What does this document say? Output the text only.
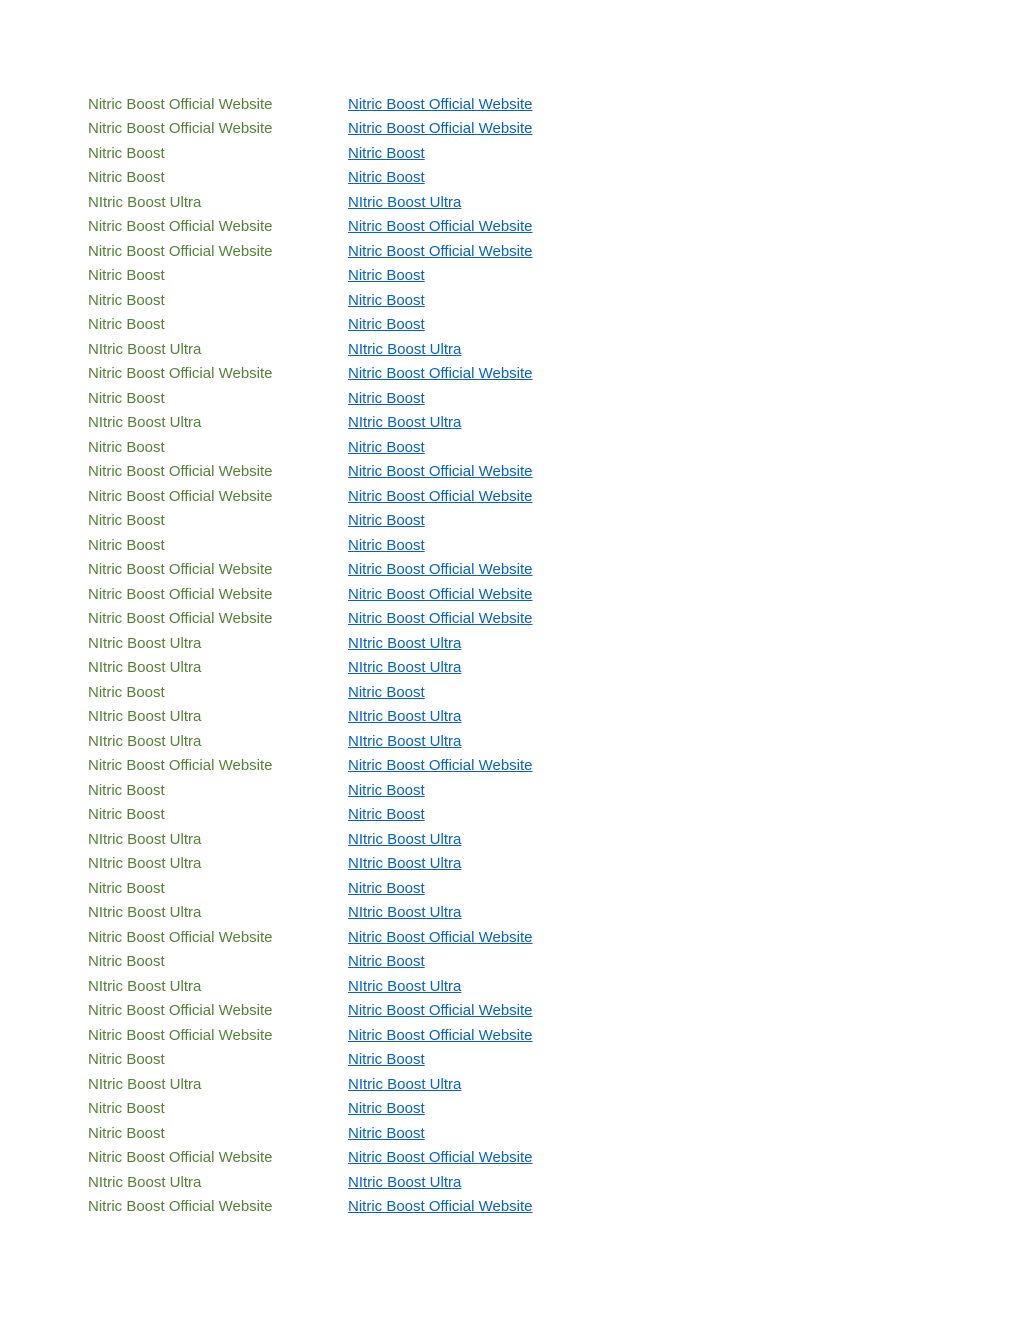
Nitric Boost Official Website	Nitric Boost Official Website
Nitric Boost Official Website	Nitric Boost Official Website
Nitric Boost	Nitric Boost
Nitric Boost	Nitric Boost
NItric Boost Ultra	NItric Boost Ultra
Nitric Boost Official Website	Nitric Boost Official Website
Nitric Boost Official Website	Nitric Boost Official Website
Nitric Boost	Nitric Boost
Nitric Boost	Nitric Boost
Nitric Boost	Nitric Boost
NItric Boost Ultra	NItric Boost Ultra
Nitric Boost Official Website	Nitric Boost Official Website
Nitric Boost	Nitric Boost
NItric Boost Ultra	NItric Boost Ultra
Nitric Boost	Nitric Boost
Nitric Boost Official Website	Nitric Boost Official Website
Nitric Boost Official Website	Nitric Boost Official Website
Nitric Boost	Nitric Boost
Nitric Boost	Nitric Boost
Nitric Boost Official Website	Nitric Boost Official Website
Nitric Boost Official Website	Nitric Boost Official Website
Nitric Boost Official Website	Nitric Boost Official Website
NItric Boost Ultra	NItric Boost Ultra
NItric Boost Ultra	NItric Boost Ultra
Nitric Boost	Nitric Boost
NItric Boost Ultra	NItric Boost Ultra
NItric Boost Ultra	NItric Boost Ultra
Nitric Boost Official Website	Nitric Boost Official Website
Nitric Boost	Nitric Boost
Nitric Boost	Nitric Boost
NItric Boost Ultra	NItric Boost Ultra
NItric Boost Ultra	NItric Boost Ultra
Nitric Boost	Nitric Boost
NItric Boost Ultra	NItric Boost Ultra
Nitric Boost Official Website	Nitric Boost Official Website
Nitric Boost	Nitric Boost
NItric Boost Ultra	NItric Boost Ultra
Nitric Boost Official Website	Nitric Boost Official Website
Nitric Boost Official Website	Nitric Boost Official Website
Nitric Boost	Nitric Boost
NItric Boost Ultra	NItric Boost Ultra
Nitric Boost	Nitric Boost
Nitric Boost	Nitric Boost
Nitric Boost Official Website	Nitric Boost Official Website
NItric Boost Ultra	NItric Boost Ultra
Nitric Boost Official Website	Nitric Boost Official Website
